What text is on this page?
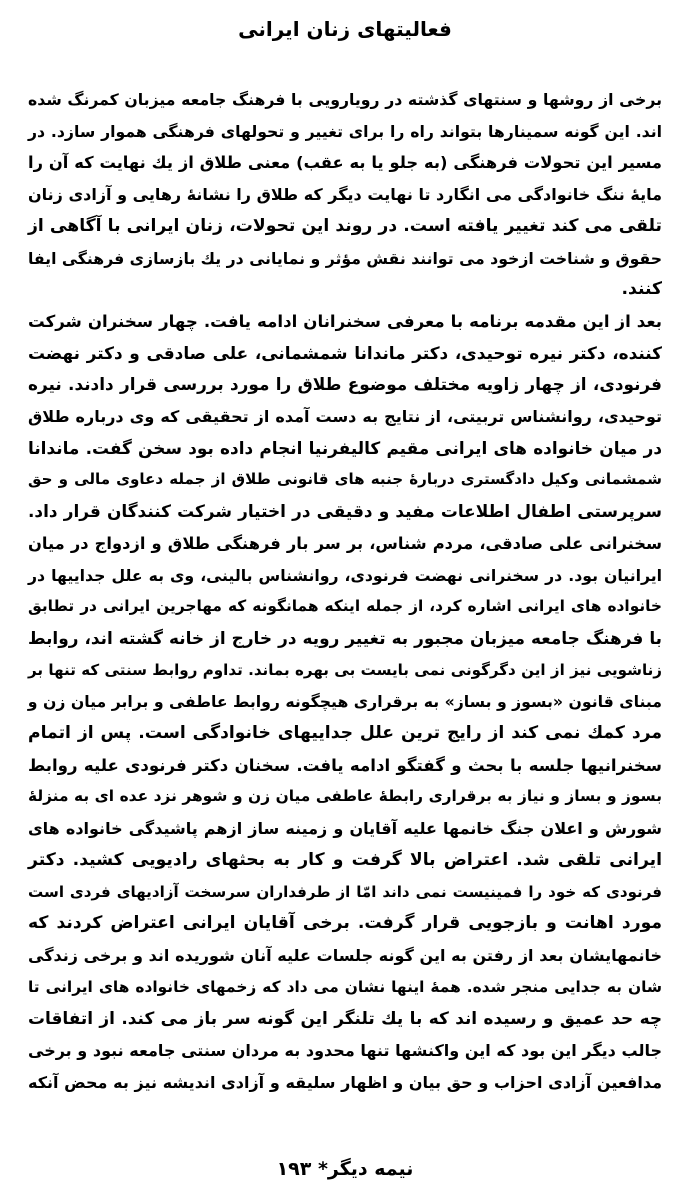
فعالیتهای زنان ایرانی
برخی از روشها و سنتهای گذشته در رویارویی با فرهنگ جامعه میزبان کمرنگ شده
اند. این گونه سمینارها بتواند راه را برای تغییر و تحولهای فرهنگی هموار سازد. در
مسیر این تحولات فرهنگی (به جلو یا به عقب) معنی طلاق از یك نهایت که آن را
مایهٔ ننگ خانوادگی می انگارد تا نهایت دیگر که طلاق را نشانهٔ رهایی و آزادی زنان
تلقی می کند تغییر یافته است. در روند این تحولات، زنان ایرانی با آگاهی از
حقوق و شناخت ازخود می توانند نقش مؤثر و نمایانی در یك بازسازی فرهنگی ایفا
کنند.
بعد از این مقدمه برنامه با معرفی سخنرانان ادامه یافت. چهار سخنران شرکت
کننده، دکتر نیره توحیدی، دکتر ماندانا شمشمانی، علی صادقی و دکتر نهضت
فرنودی، از چهار زاویه مختلف موضوع طلاق را مورد بررسی قرار دادند. نیره
توحیدی، روانشناس تربیتی، از نتایج به دست آمده از تحقیقی که وی درباره طلاق
در میان خانواده های ایرانی مقیم کالیفرنیا انجام داده بود سخن گفت. ماندانا
شمشمانی وکیل دادگستری دربارهٔ جنبه های قانونی طلاق از جمله دعاوی مالی و حق
سرپرستی اطفال اطلاعات مفید و دقیقی در اختیار شرکت کنندگان قرار داد.
سخنرانی علی صادقی، مردم شناس، بر سر بار فرهنگی طلاق و ازدواج در میان
ایرانیان بود. در سخنرانی نهضت فرنودی، روانشناس بالینی، وی به علل جداییها در
خانواده های ایرانی اشاره کرد، از جمله اینکه همانگونه که مهاجرین ایرانی در تطابق
با فرهنگ جامعه میزبان مجبور به تغییر رویه در خارج از خانه گشته اند، روابط
زناشویی نیز از این دگرگونی نمی بایست بی بهره بماند. تداوم روابط سنتی که تنها بر
مبنای قانون «بسوز و بساز» به برقراری هیچگونه روابط عاطفی و برابر میان زن و
مرد کمك نمی کند از رایج ترین علل جداییهای خانوادگی است. پس از اتمام
سخنرانیها جلسه با بحث و گفتگو ادامه یافت. سخنان دکتر فرنودی علیه روابط
بسوز و بساز و نیاز به برقراری رابطهٔ عاطفی میان زن و شوهر نزد عده ای به منزلهٔ
شورش و اعلان جنگ خانمها علیه آقایان و زمینه ساز ازهم پاشیدگی خانواده های
ایرانی تلقی شد. اعتراض بالا گرفت و کار به بحثهای رادیویی کشید. دکتر
فرنودی که خود را فمینیست نمی داند امّا از طرفداران سرسخت آزادیهای فردی است
مورد اهانت و بازجویی قرار گرفت. برخی آقایان ایرانی اعتراض کردند که
خانمهایشان بعد از رفتن به این گونه جلسات علیه آنان شوریده اند و برخی زندگی
شان به جدایی منجر شده. همهٔ اینها نشان می داد که زخمهای خانواده های ایرانی تا
چه حد عمیق و رسیده اند که با یك تلنگر این گونه سر باز می کند. از اتفاقات
جالب دیگر این بود که این واکنشها تنها محدود به مردان سنتی جامعه نبود و برخی
مدافعین آزادی احزاب و حق بیان و اظهار سلیقه و آزادی اندیشه نیز به محض آنکه
نیمه دیگر* ۱۹۳
